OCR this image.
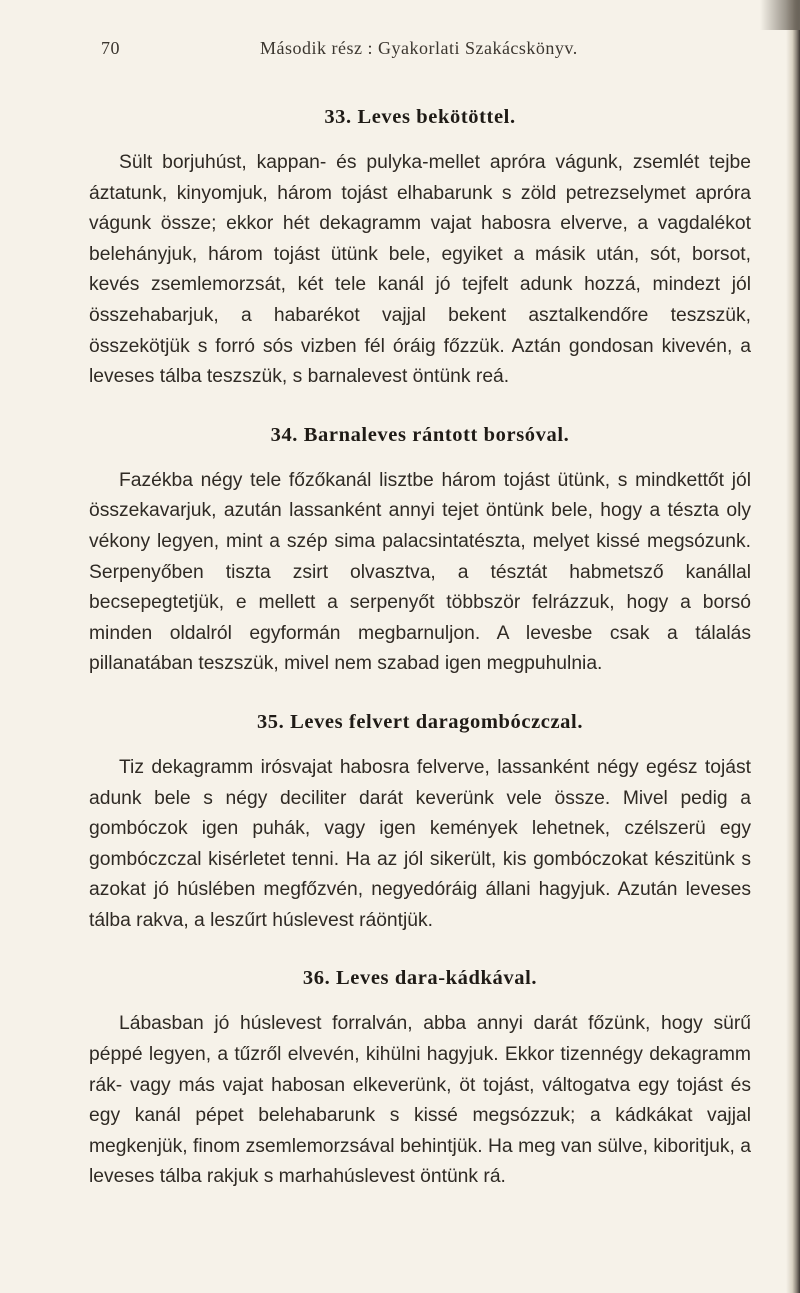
70	Második rész : Gyakorlati Szakácskönyv.
33. Leves bekötöttel.

Sült borjuhúst, kappan- és pulyka-mellet apróra vágunk, zsemlét tejbe áztatunk, kinyomjuk, három tojást elhabarunk s zöld petrezselymet apróra vágunk össze; ekkor hét dekagramm vajat habosra elverve, a vagdalékot belehányjuk, három tojást ütünk bele, egyiket a másik után, sót, borsot, kevés zsemlemorzsát, két tele kanál jó tejfelt adunk hozzá, mindezt jól összehabarjuk, a habarékot vajjal bekent asztalkendőre teszszük, összekötjük s forró sós vizben fél óráig főzzük. Aztán gondosan kivevén, a leveses tálba teszszük, s barnalevest öntünk reá.

34. Barnaleves rántott borsóval.

Fazékba négy tele főzőkanál lisztbe három tojást ütünk, s mindkettőt jól összekavarjuk, azután lassanként annyi tejet öntünk bele, hogy a tészta oly vékony legyen, mint a szép sima palacsintatészta, melyet kissé megsózunk. Serpenyőben tiszta zsirt olvasztva, a tésztát habmetsző kanállal becsepegtetjük, e mellett a serpenyőt többször felrázzuk, hogy a borsó minden oldalról egyformán megbarnuljon. A levesbe csak a tálalás pillanatában teszszük, mivel nem szabad igen megpuhulnia.

35. Leves felvert daragombóczczal.

Tiz dekagramm irósvajat habosra felverve, lassanként négy egész tojást adunk bele s négy deciliter darát keverünk vele össze. Mivel pedig a gombóczok igen puhák, vagy igen kemények lehetnek, czélszerü egy gombóczczal kisérletet tenni. Ha az jól sikerült, kis gombóczokat készitünk s azokat jó húslében megfőzvén, negyedóráig állani hagyjuk. Azután leveses tálba rakva, a leszűrt húslevest ráöntjük.

36. Leves dara-kádkával.

Lábasban jó húslevest forralván, abba annyi darát főzünk, hogy sürű péppé legyen, a tűzről elvevén, kihülni hagyjuk. Ekkor tizennégy dekagramm rák- vagy más vajat habosan elkeverünk, öt tojást, váltogatva egy tojást és egy kanál pépet belehabarunk s kissé megsózzuk; a kádkákat vajjal megkenjük, finom zsemlemorzsával behintjük. Ha meg van sülve, kiboritjuk, a leveses tálba rakjuk s marhahúslevest öntünk rá.
